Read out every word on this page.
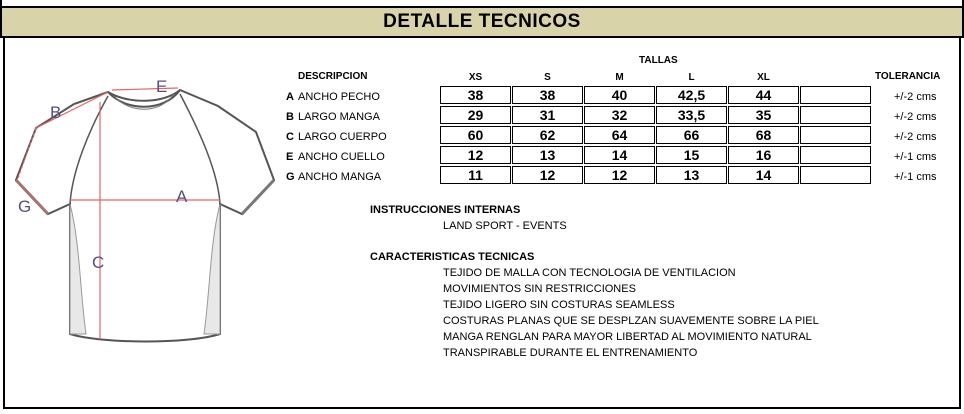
DETALLE TECNICOS
A
B
C
E
G
TALLAS
DESCRIPCION	TOLERANCIA
XS	S	M	L	XL
A ANCHO PECHO	38	38	40	42,5	44	+/-2 cms
B LARGO MANGA	29	31	32	33,5	35	+/-2 cms
C LARGO CUERPO	60	62	64	66	68	+/-2 cms
E ANCHO CUELLO	12	13	14	15	16	+/-1 cms
G ANCHO MANGA	11	12	12	13	14	+/-1 cms
INSTRUCCIONES INTERNAS
LAND SPORT - EVENTS
CARACTERISTICAS TECNICAS
TEJIDO DE MALLA CON TECNOLOGIA DE VENTILACION
MOVIMIENTOS SIN RESTRICCIONES
TEJIDO LIGERO SIN COSTURAS SEAMLESS
COSTURAS PLANAS QUE SE DESPLZAN SUAVEMENTE SOBRE LA PIEL
MANGA RENGLAN PARA MAYOR LIBERTAD AL MOVIMIENTO NATURAL
TRANSPIRABLE DURANTE EL ENTRENAMIENTO
